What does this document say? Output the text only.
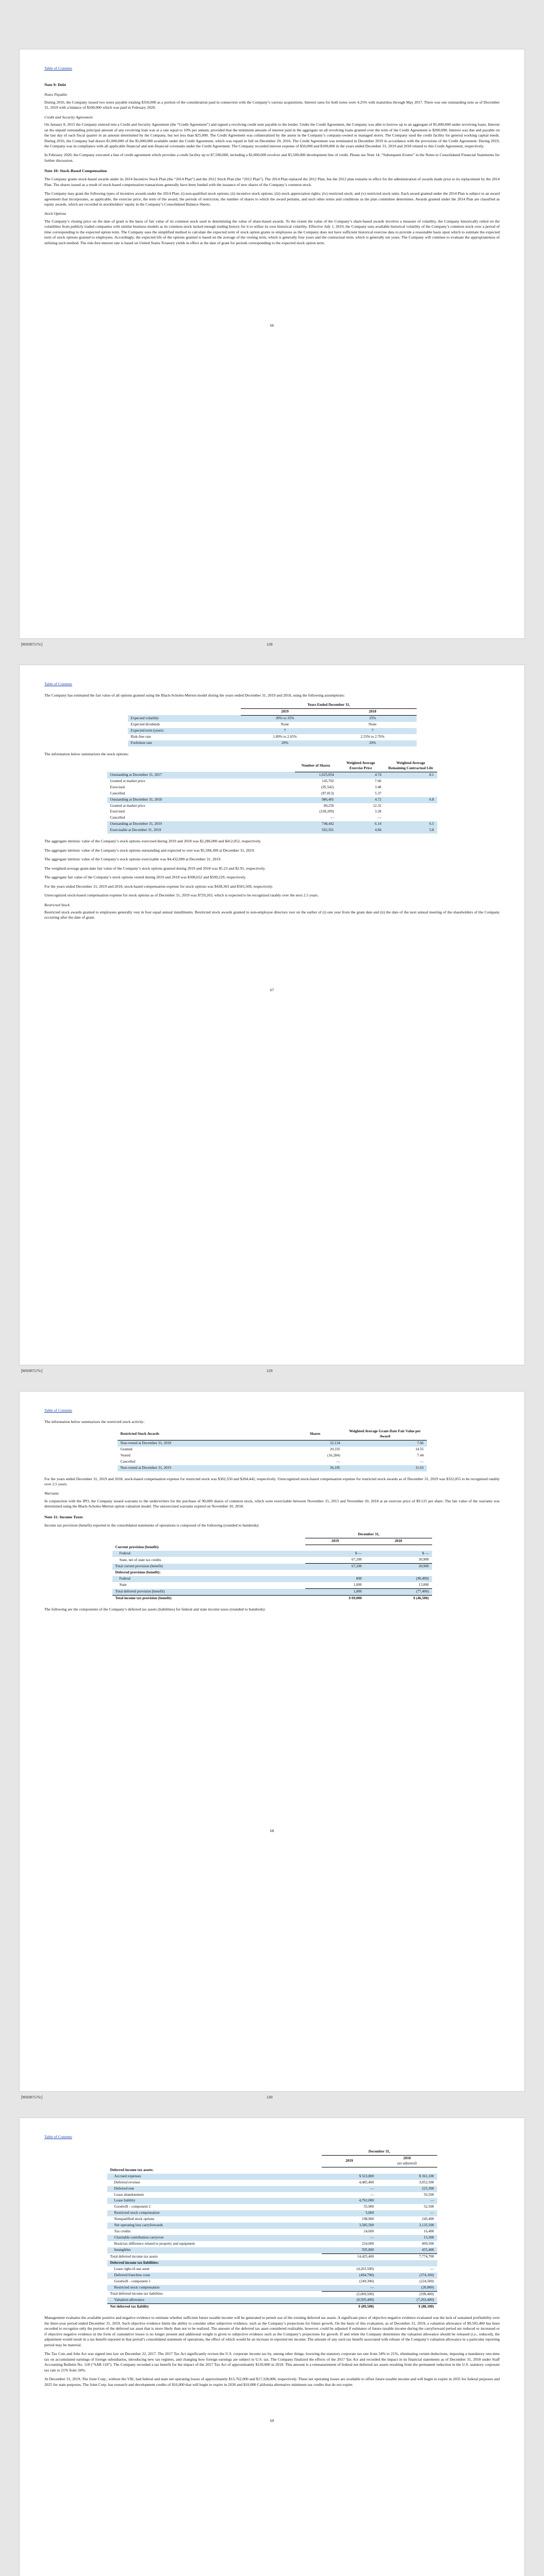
Table of Contents
Note 9: Debt
Notes Payable

During 2016, the Company issued two notes payable totaling $350,000 as a portion of the consideration paid in connection with the Company’s various acquisitions. Interest rates for both notes were 4.25% with maturities through May 2017. There was one outstanding note as of December 31, 2019 with a balance of $100,000 which was paid in February 2020.

Credit and Security Agreement

On January 8, 2015 the Company entered into a Credit and Security Agreement (the “Credit Agreement”) and signed a revolving credit note payable to the lender. Under the Credit Agreement, the Company was able to borrow up to an aggregate of $5,000,000 under revolving loans. Interest on the unpaid outstanding principal amount of any revolving loan was at a rate equal to 10% per annum; provided that the minimum amount of interest paid in the aggregate on all revolving loans granted over the term of the Credit Agreement is $200,000. Interest was due and payable on the last day of each fiscal quarter in an amount determined by the Company, but not less than $25,000. The Credit Agreement was collateralized by the assets in the Company’s company-owned or managed stores. The Company used the credit facility for general working capital needs. During 2016, the Company had drawn $1,000,000 of the $5,000,000 available under the Credit Agreement, which was repaid in full on December 29, 2016. The Credit Agreement was terminated in December 2019 in accordance with the provisions of the Credit Agreement. During 2019, the Company was in compliance with all applicable financial and non-financial covenants under the Credit Agreement. The Company recorded interest expense of $50,000 and $100,000 in the years ended December 31, 2019 and 2018 related to this Credit Agreement, respectively.

In February 2020, the Company executed a line of credit agreement which provides a credit facility up to $7,500,000, including a $2,000,000 revolver and $5,500,000 development line of credit. Please see Note 14, “Subsequent Events” in the Notes to Consolidated Financial Statements for further discussion.

Note 10: Stock-Based Compensation

The Company grants stock-based awards under its 2014 Incentive Stock Plan (the “2014 Plan”) and the 2012 Stock Plan (the “2012 Plan”). The 2014 Plan replaced the 2012 Plan, but the 2012 plan remains in effect for the administration of awards made prior to its replacement by the 2014 Plan. The shares issued as a result of stock-based compensation transactions generally have been funded with the issuance of new shares of the Company’s common stock.

The Company may grant the following types of incentive awards under the 2014 Plan: (i) non-qualified stock options; (ii) incentive stock options; (iii) stock appreciation rights; (iv) restricted stock; and (v) restricted stock units. Each award granted under the 2014 Plan is subject to an award agreement that incorporates, as applicable, the exercise price, the term of the award, the periods of restriction, the number of shares to which the award pertains, and such other terms and conditions as the plan committee determines. Awards granted under the 2014 Plan are classified as equity awards, which are recorded in stockholders’ equity in the Company’s Consolidated Balance Sheets.

Stock Options

The Company’s closing price on the date of grant is the basis of fair value of its common stock used in determining the value of share-based awards. To the extent the value of the Company’s share-based awards involves a measure of volatility, the Company historically relied on the volatilities from publicly traded companies with similar business models as its common stock lacked enough trading history for it to utilize its own historical volatility. Effective July 1, 2019, the Company uses available historical volatility of the Company’s common stock over a period of time corresponding to the expected option term. The Company uses the simplified method to calculate the expected term of stock option grants to employees as the Company does not have sufficient historical exercise data to provide a reasonable basis upon which to estimate the expected term of stock options granted to employees. Accordingly, the expected life of the options granted is based on the average of the vesting term, which is generally four years and the contractual term, which is generally ten years. The Company will continue to evaluate the appropriateness of utilizing such method. The risk-free interest rate is based on United States Treasury yields in effect at the date of grant for periods corresponding to the expected stock option term.

66
[WS08717/v.]	128
Table of Contents

The Company has estimated the fair value of all options granted using the Black-Scholes-Merton model during the years ended December 31, 2019 and 2018, using the following assumptions:

	Years Ended December 31,	
	2019	2018
Expected volatility	30% to 35%	35%
Expected dividends	None	None
Expected term (years)	7	7
Risk-free rate	1.89% to 2.65%	2.53% to 2.76%
Forfeiture rate	20%	20%

The information below summarizes the stock options:

	Number of Shares	Weighted Average Exercise Price	Weighted Average Remaining Contractual Life
Outstanding at December 31, 2017	1,025,054	4.74	8.1
Granted at market price	145,702	7.66	
Exercised	(95,542)	3.48	
Cancelled	(87,813)	5.37	
Outstanding at December 31, 2018	986,401	4.72	6.8
Granted at market price	80,250	12.32	
Exercised	(318,209)	3.28	
Cancelled	—	—	
Outstanding at December 31, 2019	748,442	6.14	6.5
Exercisable at December 31, 2019	502,561	4.84	5.8

The aggregate intrinsic value of the Company’s stock options exercised during 2019 and 2018 was $2,286,000 and $412,052, respectively.

The aggregate intrinsic value of the Company’s stock options outstanding and expected to vest was $5,584,300 at December 31, 2019.

The aggregate intrinsic value of the Company’s stock options exercisable was $4,432,000 at December 31, 2019.

The weighted-average grant-date fair value of the Company’s stock options granted during 2019 and 2018 was $5.23 and $2.91, respectively.

The aggregate fair value of the Company’s stock options vested during 2019 and 2018 was $308,652 and $509,229, respectively.

For the years ended December 31, 2019 and 2018, stock-based compensation expense for stock options was $438,303 and $565,569, respectively.

Unrecognized stock-based compensation expense for stock options as of December 31, 2019 was $729,263, which is expected to be recognized ratably over the next 2.5 years.

Restricted Stock

Restricted stock awards granted to employees generally vest in four equal annual installments. Restricted stock awards granted to non-employee directors vest on the earlier of (i) one year from the grant date and (ii) the date of the next annual meeting of the shareholders of the Company occurring after the date of grant.

67
[WS08717/v.]	129
Table of Contents

The information below summarizes the restricted stock activity:

Restricted Stock Awards	Shares	Weighted Average Grant-Date Fair Value per Award
Non-vested at December 31, 2018	32,134	7.66
Granted	20,335	14.55
Vested	(16,284)	7.44
Cancelled	—	—
Non-vested at December 31, 2019	36,185	11.63

For the years ended December 31, 2019 and 2018, stock-based compensation expense for restricted stock was $302,550 and $204,442, respectively. Unrecognized stock-based compensation expense for restricted stock awards as of December 31, 2019 was $322,055 to be recognized ratably over 2.5 years.

Warrants

In conjunction with the IPO, the Company issued warrants to the underwriters for the purchase of 90,000 shares of common stock, which were exercisable between November 15, 2015 and November 10, 2018 at an exercise price of $9.125 per share. The fair value of the warrants was determined using the Black-Scholes-Merton option valuation model. The unexercised warrants expired on November 10, 2018.

Note 11: Income Taxes

Income tax provision (benefit) reported in the consolidated statements of operations is composed of the following (rounded to hundreds):

	December 31,	
	2019	2018
Current provision (benefit):		
Federal	$ —	$ —
State, net of state tax credits	67,200	30,900
Total current provision (benefit)	67,200	30,900
Deferred provision (benefit):		
Federal	800	(90,400)
State	1,000	13,000
Total deferred provision (benefit)	1,800	(77,400)
Total income tax provision (benefit)	$ 69,000	$ (46,500)

The following are the components of the Company’s deferred tax assets (liabilities) for federal and state income taxes (rounded to hundreds):

68
[WS08717/v.]	130
Table of Contents
	December 31,	
	2019	2018
(as adjusted)
Deferred income tax assets:		
Accrued expenses	$ 523,800	$ 361,100
Deferred revenue	4,485,400	3,052,500
Deferred rent	—	225,300
Lease abandonment	—	56,500
Lease liability	4,762,000	—
Goodwill - component 2	55,900	52,500
Restricted stock compensation	5,000	—
Nonqualified stock options	198,900	245,400
Net operating loss carryforwards	3,585,500	3,135,500
Tax credits	24,600	16,400
Charitable contribution carryover	—	15,300
Book/tax difference related to property and equipment	224,000	409,500
Intangibles	595,800	455,400
Total deferred income tax assets	14,425,400	7,774,700
Deferred income tax liabilities:		
Lease right-of-use asset	(4,265,500)	—
Deferred franchise costs	(494,700)	(374,100)
Goodwill - component 1	(249,300)	(224,500)
Restricted stock compensation	—	(20,800)
Total deferred income tax liabilities	(5,009,500)	(599,400)
Valuation allowance	(9,505,400)	(7,263,400)
Net deferred tax liability	$ (89,500)	$ (88,100)

Management evaluates the available positive and negative evidence to estimate whether sufficient future taxable income will be generated to permit use of the existing deferred tax assets. A significant piece of objective negative evidence evaluated was the lack of sustained profitability over the three-year period ended December 31, 2019. Such objective evidence limits the ability to consider other subjective evidence, such as the Company’s projections for future growth. On the basis of this evaluation, as of December 31, 2019, a valuation allowance of $9,505,400 has been recorded to recognize only the portion of the deferred tax asset that is more likely than not to be realized. The amount of the deferred tax asset considered realizable, however, could be adjusted if estimates of future taxable income during the carryforward period are reduced or increased or if objective negative evidence in the form of cumulative losses is no longer present and additional weight is given to subjective evidence such as the Company’s projections for growth. If and when the Company determines the valuation allowance should be released (i.e., reduced), the adjustment would result in a tax benefit reported in that period’s consolidated statement of operations, the effect of which would be an increase in reported net income. The amount of any such tax benefit associated with release of the Company’s valuation allowance in a particular reporting period may be material.

The Tax Cuts and Jobs Act was signed into law on December 22, 2017. The 2017 Tax Act significantly revises the U.S. corporate income tax by, among other things, lowering the statutory corporate tax rate from 34% to 21%, eliminating certain deductions, imposing a mandatory one-time tax on accumulated earnings of foreign subsidiaries, introducing new tax regimes, and changing how foreign earnings are subject to U.S. tax. The Company finalized the effects of the 2017 Tax Act and recorded the impact in its financial statements as of December 31, 2018 under Staff Accounting Bulletin No. 118 (“SAB 118”). The Company recorded a tax benefit for the impact of the 2017 Tax Act of approximately $120,000 in 2018. This amount is a remeasurement of federal net deferred tax assets resulting from the permanent reduction in the U.S. statutory corporate tax rate to 21% from 34%.

At December 31, 2019, The Joint Corp., without the VIE, had federal and state net operating losses of approximately $15,762,000 and $17,328,000, respectively. These net operating losses are available to offset future taxable income and will begin to expire in 2035 for federal purposes and 2025 for state purposes. The Joint Corp. has research and development credits of $16,000 that will begin to expire in 2036 and $10,000 California alternative minimum tax credits that do not expire.

69
